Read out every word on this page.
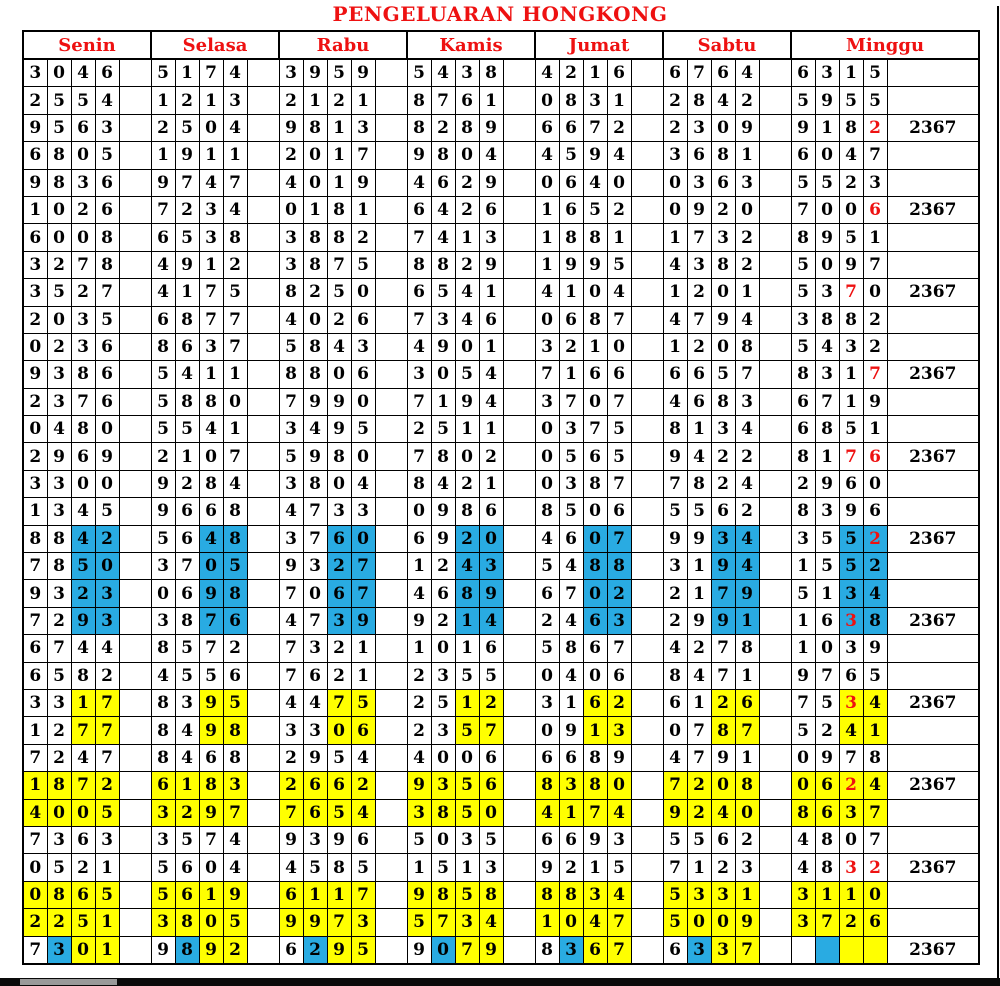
PENGELUARAN HONGKONG
Senin					Selasa					Rabu					Kamis					Jumat					Sabtu					Minggu				
3	0	4	6		5	1	7	4		3	9	5	9		5	4	3	8		4	2	1	6		6	7	6	4		6	3	1	5	
2	5	5	4		1	2	1	3		2	1	2	1		8	7	6	1		0	8	3	1		2	8	4	2		5	9	5	5	
9	5	6	3		2	5	0	4		9	8	1	3		8	2	8	9		6	6	7	2		2	3	0	9		9	1	8	2	2367
6	8	0	5		1	9	1	1		2	0	1	7		9	8	0	4		4	5	9	4		3	6	8	1		6	0	4	7	
9	8	3	6		9	7	4	7		4	0	1	9		4	6	2	9		0	6	4	0		0	3	6	3		5	5	2	3	
1	0	2	6		7	2	3	4		0	1	8	1		6	4	2	6		1	6	5	2		0	9	2	0		7	0	0	6	2367
6	0	0	8		6	5	3	8		3	8	8	2		7	4	1	3		1	8	8	1		1	7	3	2		8	9	5	1	
3	2	7	8		4	9	1	2		3	8	7	5		8	8	2	9		1	9	9	5		4	3	8	2		5	0	9	7	
3	5	2	7		4	1	7	5		8	2	5	0		6	5	4	1		4	1	0	4		1	2	0	1		5	3	7	0	2367
2	0	3	5		6	8	7	7		4	0	2	6		7	3	4	6		0	6	8	7		4	7	9	4		3	8	8	2	
0	2	3	6		8	6	3	7		5	8	4	3		4	9	0	1		3	2	1	0		1	2	0	8		5	4	3	2	
9	3	8	6		5	4	1	1		8	8	0	6		3	0	5	4		7	1	6	6		6	6	5	7		8	3	1	7	2367
2	3	7	6		5	8	8	0		7	9	9	0		7	1	9	4		3	7	0	7		4	6	8	3		6	7	1	9	
0	4	8	0		5	5	4	1		3	4	9	5		2	5	1	1		0	3	7	5		8	1	3	4		6	8	5	1	
2	9	6	9		2	1	0	7		5	9	8	0		7	8	0	2		0	5	6	5		9	4	2	2		8	1	7	6	2367
3	3	0	0		9	2	8	4		3	8	0	4		8	4	2	1		0	3	8	7		7	8	2	4		2	9	6	0	
1	3	4	5		9	6	6	8		4	7	3	3		0	9	8	6		8	5	0	6		5	5	6	2		8	3	9	6	
8	8	4	2		5	6	4	8		3	7	6	0		6	9	2	0		4	6	0	7		9	9	3	4		3	5	5	2	2367
7	8	5	0		3	7	0	5		9	3	2	7		1	2	4	3		5	4	8	8		3	1	9	4		1	5	5	2	
9	3	2	3		0	6	9	8		7	0	6	7		4	6	8	9		6	7	0	2		2	1	7	9		5	1	3	4	
7	2	9	3		3	8	7	6		4	7	3	9		9	2	1	4		2	4	6	3		2	9	9	1		1	6	3	8	2367
6	7	4	4		8	5	7	2		7	3	2	1		1	0	1	6		5	8	6	7		4	2	7	8		1	0	3	9	
6	5	8	2		4	5	5	6		7	6	2	1		2	3	5	5		0	4	0	6		8	4	7	1		9	7	6	5	
3	3	1	7		8	3	9	5		4	4	7	5		2	5	1	2		3	1	6	2		6	1	2	6		7	5	3	4	2367
1	2	7	7		8	4	9	8		3	3	0	6		2	3	5	7		0	9	1	3		0	7	8	7		5	2	4	1	
7	2	4	7		8	4	6	8		2	9	5	4		4	0	0	6		6	6	8	9		4	7	9	1		0	9	7	8	
1	8	7	2		6	1	8	3		2	6	6	2		9	3	5	6		8	3	8	0		7	2	0	8		0	6	2	4	2367
4	0	0	5		3	2	9	7		7	6	5	4		3	8	5	0		4	1	7	4		9	2	4	0		8	6	3	7	
7	3	6	3		3	5	7	4		9	3	9	6		5	0	3	5		6	6	9	3		5	5	6	2		4	8	0	7	
0	5	2	1		5	6	0	4		4	5	8	5		1	5	1	3		9	2	1	5		7	1	2	3		4	8	3	2	2367
0	8	6	5		5	6	1	9		6	1	1	7		9	8	5	8		8	8	3	4		5	3	3	1		3	1	1	0	
2	2	5	1		3	8	0	5		9	9	7	3		5	7	3	4		1	0	4	7		5	0	0	9		3	7	2	6	
7	3	0	1		9	8	9	2		6	2	9	5		9	0	7	9		8	3	6	7		6	3	3	7						2367
